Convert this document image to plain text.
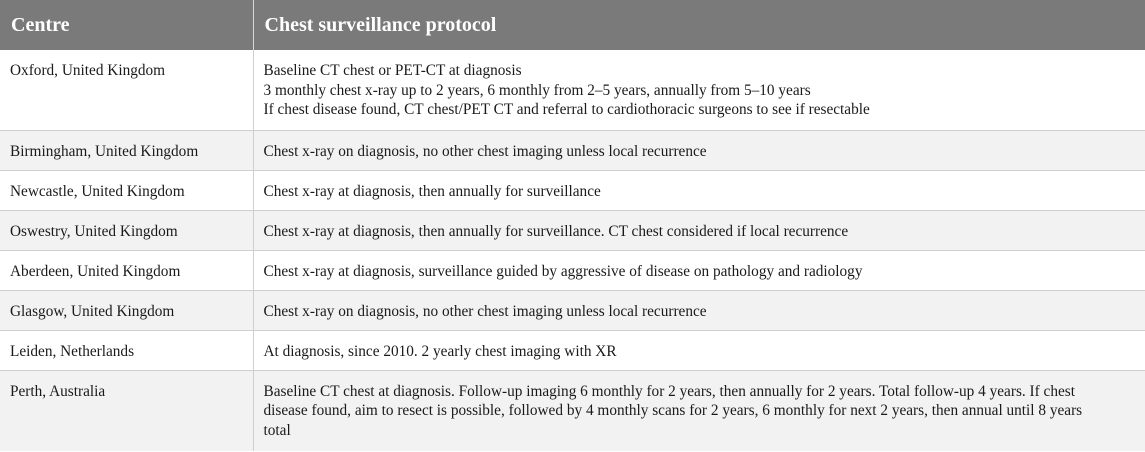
Centre	Chest surveillance protocol
Oxford, United Kingdom	Baseline CT chest or PET-CT at diagnosis
3 monthly chest x-ray up to 2 years, 6 monthly from 2–5 years, annually from 5–10 years
If chest disease found, CT chest/PET CT and referral to cardiothoracic surgeons to see if resectable

Birmingham, United Kingdom	Chest x-ray on diagnosis, no other chest imaging unless local recurrence

Newcastle, United Kingdom	Chest x-ray at diagnosis, then annually for surveillance

Oswestry, United Kingdom	Chest x-ray at diagnosis, then annually for surveillance. CT chest considered if local recurrence

Aberdeen, United Kingdom	Chest x-ray at diagnosis, surveillance guided by aggressive of disease on pathology and radiology

Glasgow, United Kingdom	Chest x-ray on diagnosis, no other chest imaging unless local recurrence

Leiden, Netherlands	At diagnosis, since 2010. 2 yearly chest imaging with XR

Perth, Australia	Baseline CT chest at diagnosis. Follow-up imaging 6 monthly for 2 years, then annually for 2 years. Total follow-up 4 years. If chest
disease found, aim to resect is possible, followed by 4 monthly scans for 2 years, 6 monthly for next 2 years, then annual until 8 years
total
